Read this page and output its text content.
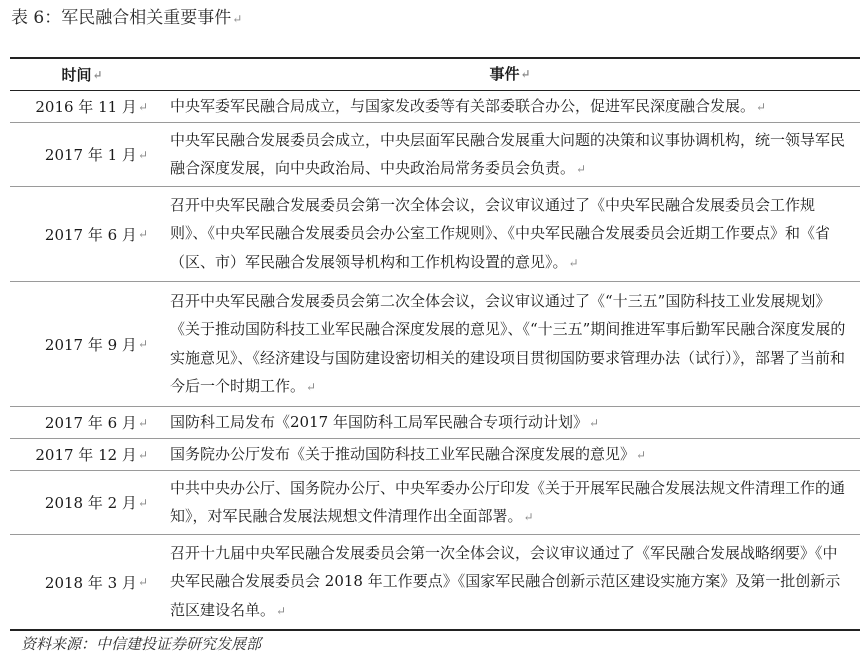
表 6：军民融合相关重要事件↵
时间 ↵	事件 ↵
2016 年 11 月 ↵ 中央军委军民融合局成立，与国家发改委等有关部委联合办公，促进军民深度融合发展。↵
2017 年 1 月 ↵
中央军民融合发展委员会成立，中央层面军民融合发展重大问题的决策和议事协调机构，统一领导军民融合深度发展，向中央政治局、中央政治局常务委员会负责。↵
2017 年 6 月 ↵
召开中央军民融合发展委员会第一次全体会议，会议审议通过了《中央军民融合发展委员会工作规则》、《中央军民融合发展委员会办公室工作规则》、《中央军民融合发展委员会近期工作要点》和《省（区、市）军民融合发展领导机构和工作机构设置的意见》。↵
2017 年 9 月 ↵
召开中央军民融合发展委员会第二次全体会议，会议审议通过了《“十三五”国防科技工业发展规划》《关于推动国防科技工业军民融合深度发展的意见》、《“十三五”期间推进军事后勤军民融合深度发展的实施意见》、《经济建设与国防建设密切相关的建设项目贯彻国防要求管理办法（试行）》，部署了当前和今后一个时期工作。↵
2017 年 6 月 ↵ 国防科工局发布《2017 年国防科工局军民融合专项行动计划》↵
2017 年 12 月 ↵ 国务院办公厅发布《关于推动国防科技工业军民融合深度发展的意见》↵
2018 年 2 月 ↵
中共中央办公厅、国务院办公厅、中央军委办公厅印发《关于开展军民融合发展法规文件清理工作的通知》，对军民融合发展法规想文件清理作出全面部署。↵
2018 年 3 月 ↵
召开十九届中央军民融合发展委员会第一次全体会议，会议审议通过了《军民融合发展战略纲要》《中央军民融合发展委员会 2018 年工作要点》《国家军民融合创新示范区建设实施方案》及第一批创新示范区建设名单。↵
资料来源：中信建投证券研究发展部
